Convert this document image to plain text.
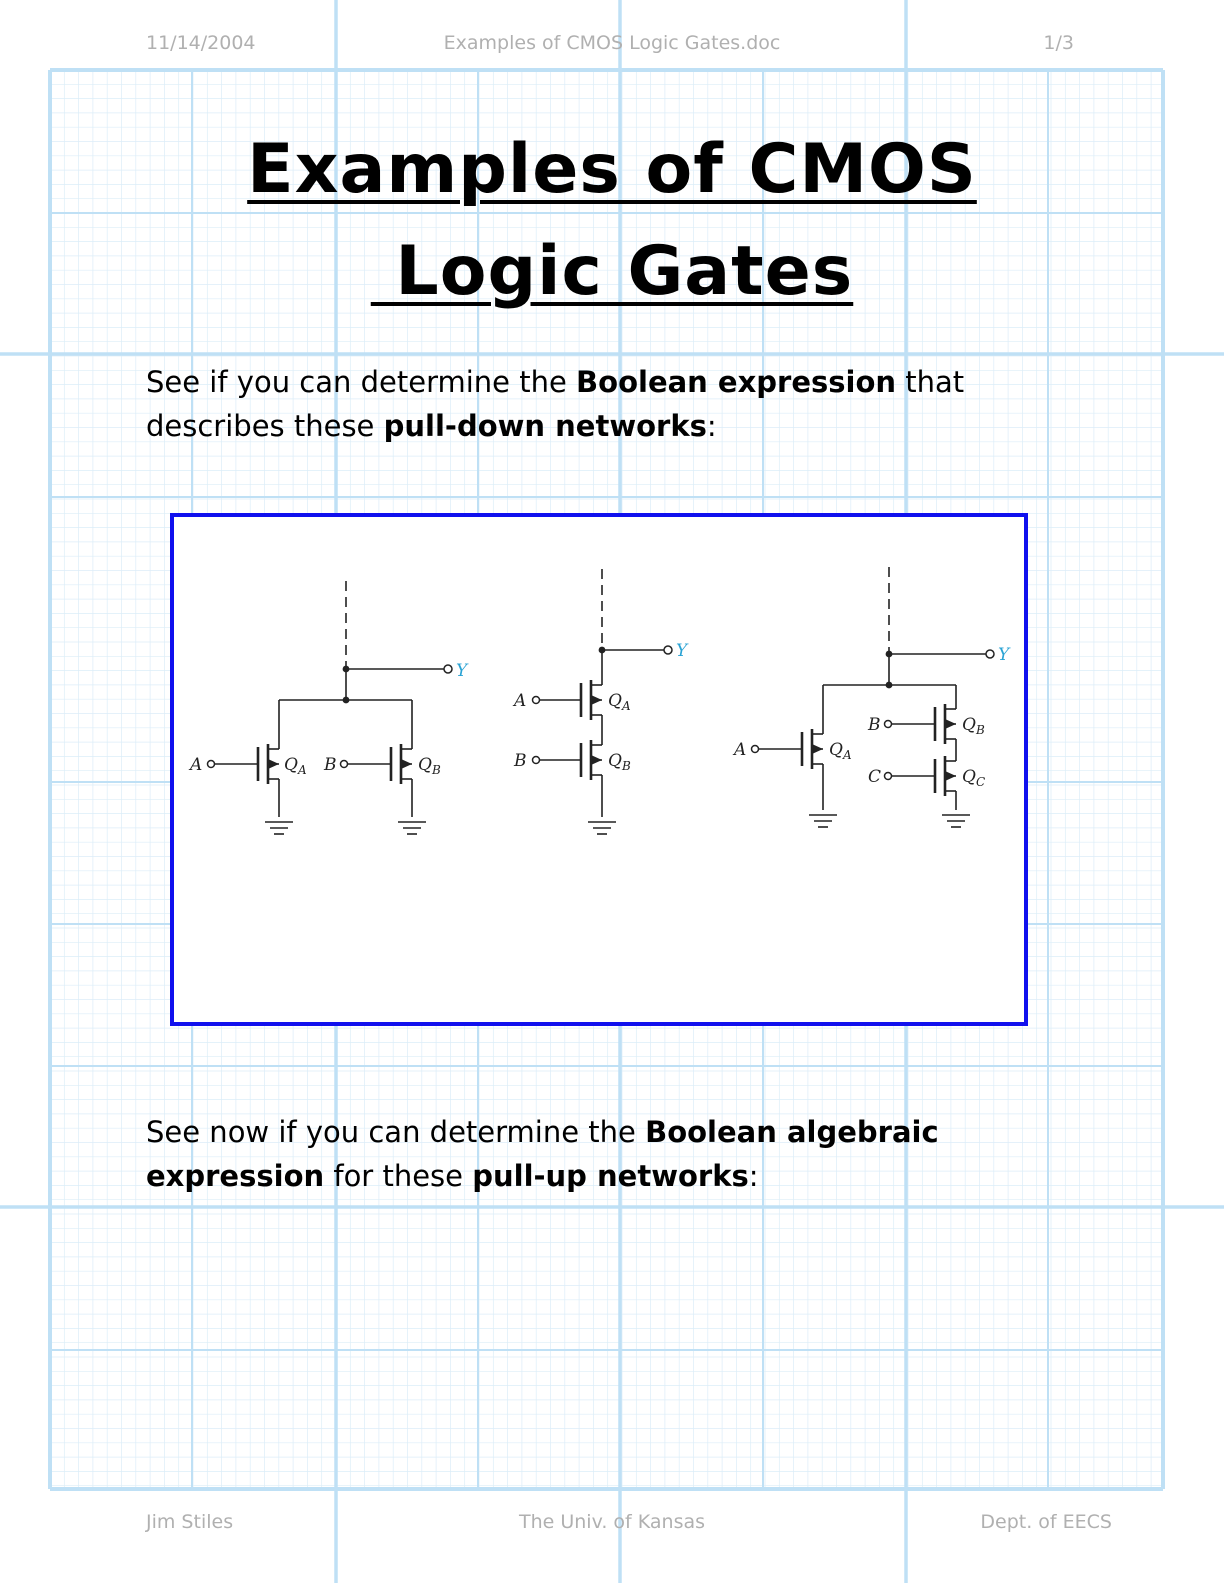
11/14/2004	Examples of CMOS Logic Gates.doc	1/3
Examples of CMOS
Logic Gates
See if you can determine the Boolean expression that describes these pull-down networks:
Y
A	$Q_A$ B	$Q_B$
Y
A	$Q_A$
B	$Q_B$
Y
A	$Q_A$
B	$Q_B$
C	$Q_C$
See now if you can determine the Boolean algebraic expression for these pull-up networks:
Jim Stiles	The Univ. of Kansas	Dept. of EECS
